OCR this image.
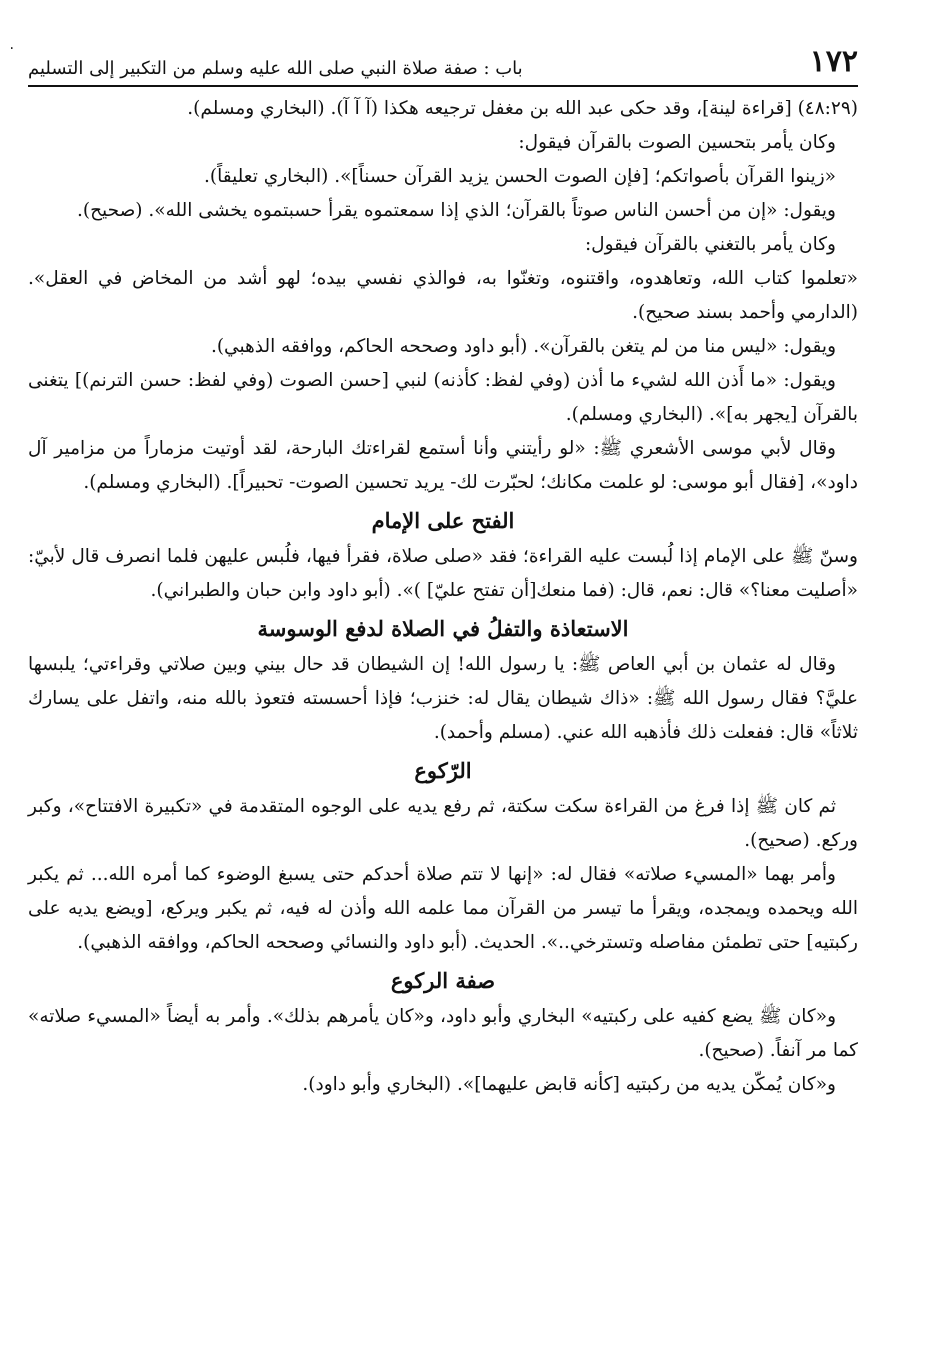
٠	١٧٢
باب : صفة صلاة النبي صلى الله عليه وسلم من التكبير إلى التسليم

(٤٨:٢٩) [قراءة لينة]، وقد حكى عبد الله بن مغفل ترجيعه هكذا (آ آ آ). (البخاري ومسلم).

وكان يأمر بتحسين الصوت بالقرآن فيقول:

«زينوا القرآن بأصواتكم؛ [فإن الصوت الحسن يزيد القرآن حسناً]». (البخاري تعليقاً).

ويقول: «إن من أحسن الناس صوتاً بالقرآن؛ الذي إذا سمعتموه يقرأ حسبتموه يخشى الله». (صحيح).

وكان يأمر بالتغني بالقرآن فيقول:

«تعلموا كتاب الله، وتعاهدوه، واقتنوه، وتغنّوا به، فوالذي نفسي بيده؛ لهو أشد من المخاض في العقل». (الدارمي وأحمد بسند صحيح).

ويقول: «ليس منا من لم يتغن بالقرآن». (أبو داود وصححه الحاكم، ووافقه الذهبي).

ويقول: «ما أَذن الله لشيء ما أذن (وفي لفظ: كأذنه) لنبي [حسن الصوت (وفي لفظ: حسن الترنم)] يتغنى بالقرآن [يجهر به]». (البخاري ومسلم).

وقال لأبي موسى الأشعري ﷺ: «لو رأيتني وأنا أستمع لقراءتك البارحة، لقد أوتيت مزماراً من مزامير آل داود»، [فقال أبو موسى: لو علمت مكانك؛ لحبّرت لك- يريد تحسين الصوت- تحبيراً]. (البخاري ومسلم).

الفتح على الإمام

وسنّ ﷺ على الإمام إذا لُبست عليه القراءة؛ فقد «صلى صلاة، فقرأ فيها، فلُبس عليهن فلما انصرف قال لأبيّ: «أصليت معنا؟» قال: نعم، قال: (فما منعك[أن تفتح عليّ] )». (أبو داود وابن حبان والطبراني).

الاستعاذة والتفلُ في الصلاة لدفع الوسوسة

وقال له عثمان بن أبي العاص ﷺ: يا رسول الله! إن الشيطان قد حال بيني وبين صلاتي وقراءتي؛ يلبسها عليَّ؟ فقال رسول الله ﷺ: «ذاك شيطان يقال له: خنزب؛ فإذا أحسسته فتعوذ بالله منه، واتفل على يسارك ثلاثاً» قال: ففعلت ذلك فأذهبه الله عني. (مسلم وأحمد).

الرّكوع

ثم كان ﷺ إذا فرغ من القراءة سكت سكتة، ثم رفع يديه على الوجوه المتقدمة في «تكبيرة الافتتاح»، وكبر وركع. (صحيح).

وأمر بهما «المسيء صلاته» فقال له: «إنها لا تتم صلاة أحدكم حتى يسبغ الوضوء كما أمره الله... ثم يكبر الله ويحمده ويمجده، ويقرأ ما تيسر من القرآن مما علمه الله وأذن له فيه، ثم يكبر ويركع، [ويضع يديه على ركبتيه] حتى تطمئن مفاصله وتسترخي..». الحديث. (أبو داود والنسائي وصححه الحاكم، ووافقه الذهبي).

صفة الركوع

و«كان ﷺ يضع كفيه على ركبتيه» البخاري وأبو داود، و«كان يأمرهم بذلك». وأمر به أيضاً «المسيء صلاته» كما مر آنفاً. (صحيح).

و«كان يُمكّن يديه من ركبتيه [كأنه قابض عليهما]». (البخاري وأبو داود).
